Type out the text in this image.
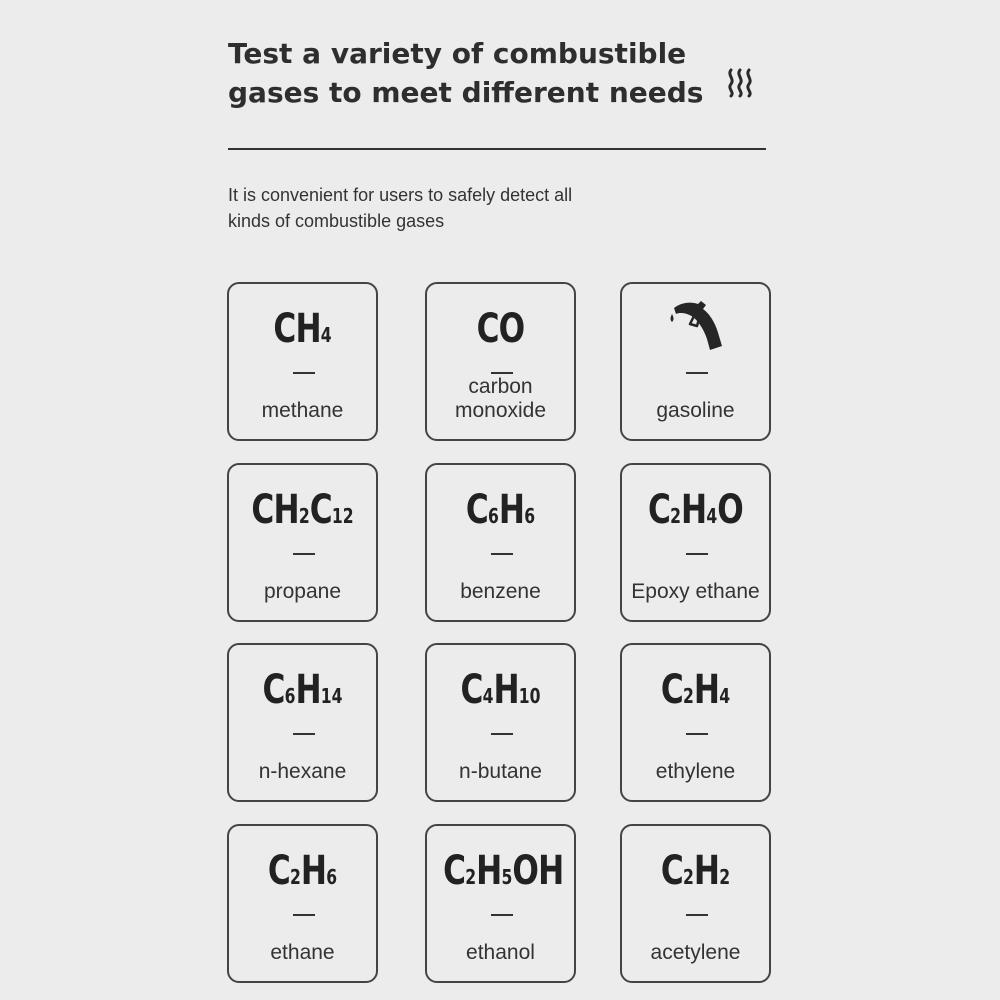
Test a variety of combustible
gases to meet different needs

It is convenient for users to safely detect all
kinds of combustible gases

CH4
methane
CO
carbon
monoxide	gasoline
CH2C12
propane
C6H6
benzene
C2H4O
Epoxy ethane
C6H14
n-hexane
C4H10
n-butane
C2H4
ethylene
C2H6
ethane
C2H5OH
ethanol
C2H2
acetylene
